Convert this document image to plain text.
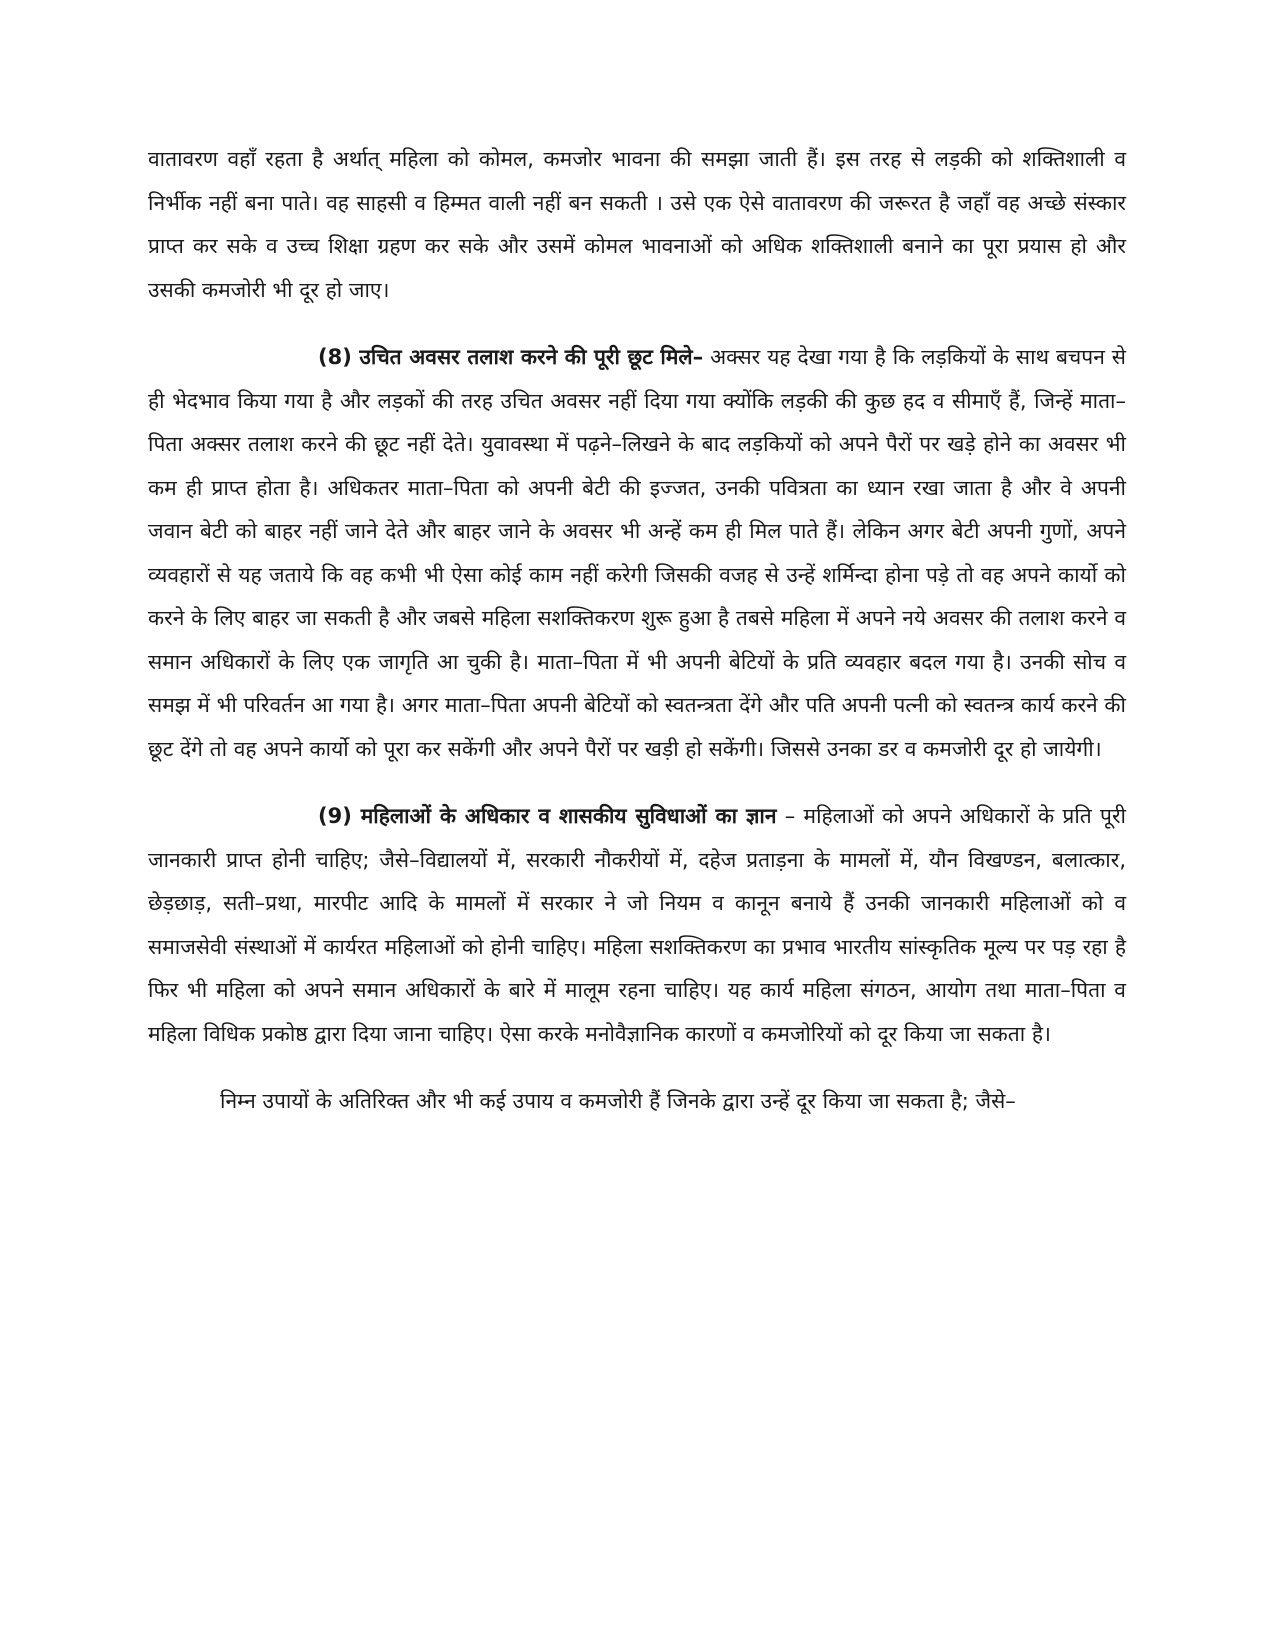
वातावरण वहाँ रहता है अर्थात् महिला को कोमल, कमजोर भावना की समझा जाती हैं। इस तरह से लड़की को शक्तिशाली व निर्भीक नहीं बना पाते। वह साहसी व हिम्मत वाली नहीं बन सकती । उसे एक ऐसे वातावरण की जरूरत है जहाँ वह अच्छे संस्कार प्राप्त कर सके व उच्च शिक्षा ग्रहण कर सके और उसमें कोमल भावनाओं को अधिक शक्तिशाली बनाने का पूरा प्रयास हो और उसकी कमजोरी भी दूर हो जाए।

(8) उचित अवसर तलाश करने की पूरी छूट मिले– अक्सर यह देखा गया है कि लड़कियों के साथ बचपन से ही भेदभाव किया गया है और लड़कों की तरह उचित अवसर नहीं दिया गया क्योंकि लड़की की कुछ हद व सीमाएँ हैं, जिन्हें माता–पिता अक्सर तलाश करने की छूट नहीं देते। युवावस्था में पढ़ने–लिखने के बाद लड़कियों को अपने पैरों पर खड़े होने का अवसर भी कम ही प्राप्त होता है। अधिकतर माता–पिता को अपनी बेटी की इज्जत, उनकी पवित्रता का ध्यान रखा जाता है और वे अपनी जवान बेटी को बाहर नहीं जाने देते और बाहर जाने के अवसर भी अन्हें कम ही मिल पाते हैं। लेकिन अगर बेटी अपनी गुणों, अपने व्यवहारों से यह जताये कि वह कभी भी ऐसा कोई काम नहीं करेगी जिसकी वजह से उन्हें शर्मिन्दा होना पड़े तो वह अपने कार्यो को करने के लिए बाहर जा सकती है और जबसे महिला सशक्तिकरण शुरू हुआ है तबसे महिला में अपने नये अवसर की तलाश करने व समान अधिकारों के लिए एक जागृति आ चुकी है। माता–पिता में भी अपनी बेटियों के प्रति व्यवहार बदल गया है। उनकी सोच व समझ में भी परिवर्तन आ गया है। अगर माता–पिता अपनी बेटियों को स्वतन्त्रता देंगे और पति अपनी पत्नी को स्वतन्त्र कार्य करने की छूट देंगे तो वह अपने कार्यो को पूरा कर सकेंगी और अपने पैरों पर खड़ी हो सकेंगी। जिससे उनका डर व कमजोरी दूर हो जायेगी।

(9) महिलाओं के अधिकार व शासकीय सुविधाओं का ज्ञान – महिलाओं को अपने अधिकारों के प्रति पूरी जानकारी प्राप्त होनी चाहिए; जैसे–विद्यालयों में, सरकारी नौकरीयों में, दहेज प्रताड़ना के मामलों में, यौन विखण्डन, बलात्कार, छेड़छाड़, सती–प्रथा, मारपीट आदि के मामलों में सरकार ने जो नियम व कानून बनाये हैं उनकी जानकारी महिलाओं को व समाजसेवी संस्थाओं में कार्यरत महिलाओं को होनी चाहिए। महिला सशक्तिकरण का प्रभाव भारतीय सांस्कृतिक मूल्य पर पड़ रहा है फिर भी महिला को अपने समान अधिकारों के बारे में मालूम रहना चाहिए। यह कार्य महिला संगठन, आयोग तथा माता–पिता व महिला विधिक प्रकोष्ठ द्वारा दिया जाना चाहिए। ऐसा करके मनोवैज्ञानिक कारणों व कमजोरियों को दूर किया जा सकता है।

निम्न उपायों के अतिरिक्त और भी कई उपाय व कमजोरी हैं जिनके द्वारा उन्हें दूर किया जा सकता है; जैसे–
